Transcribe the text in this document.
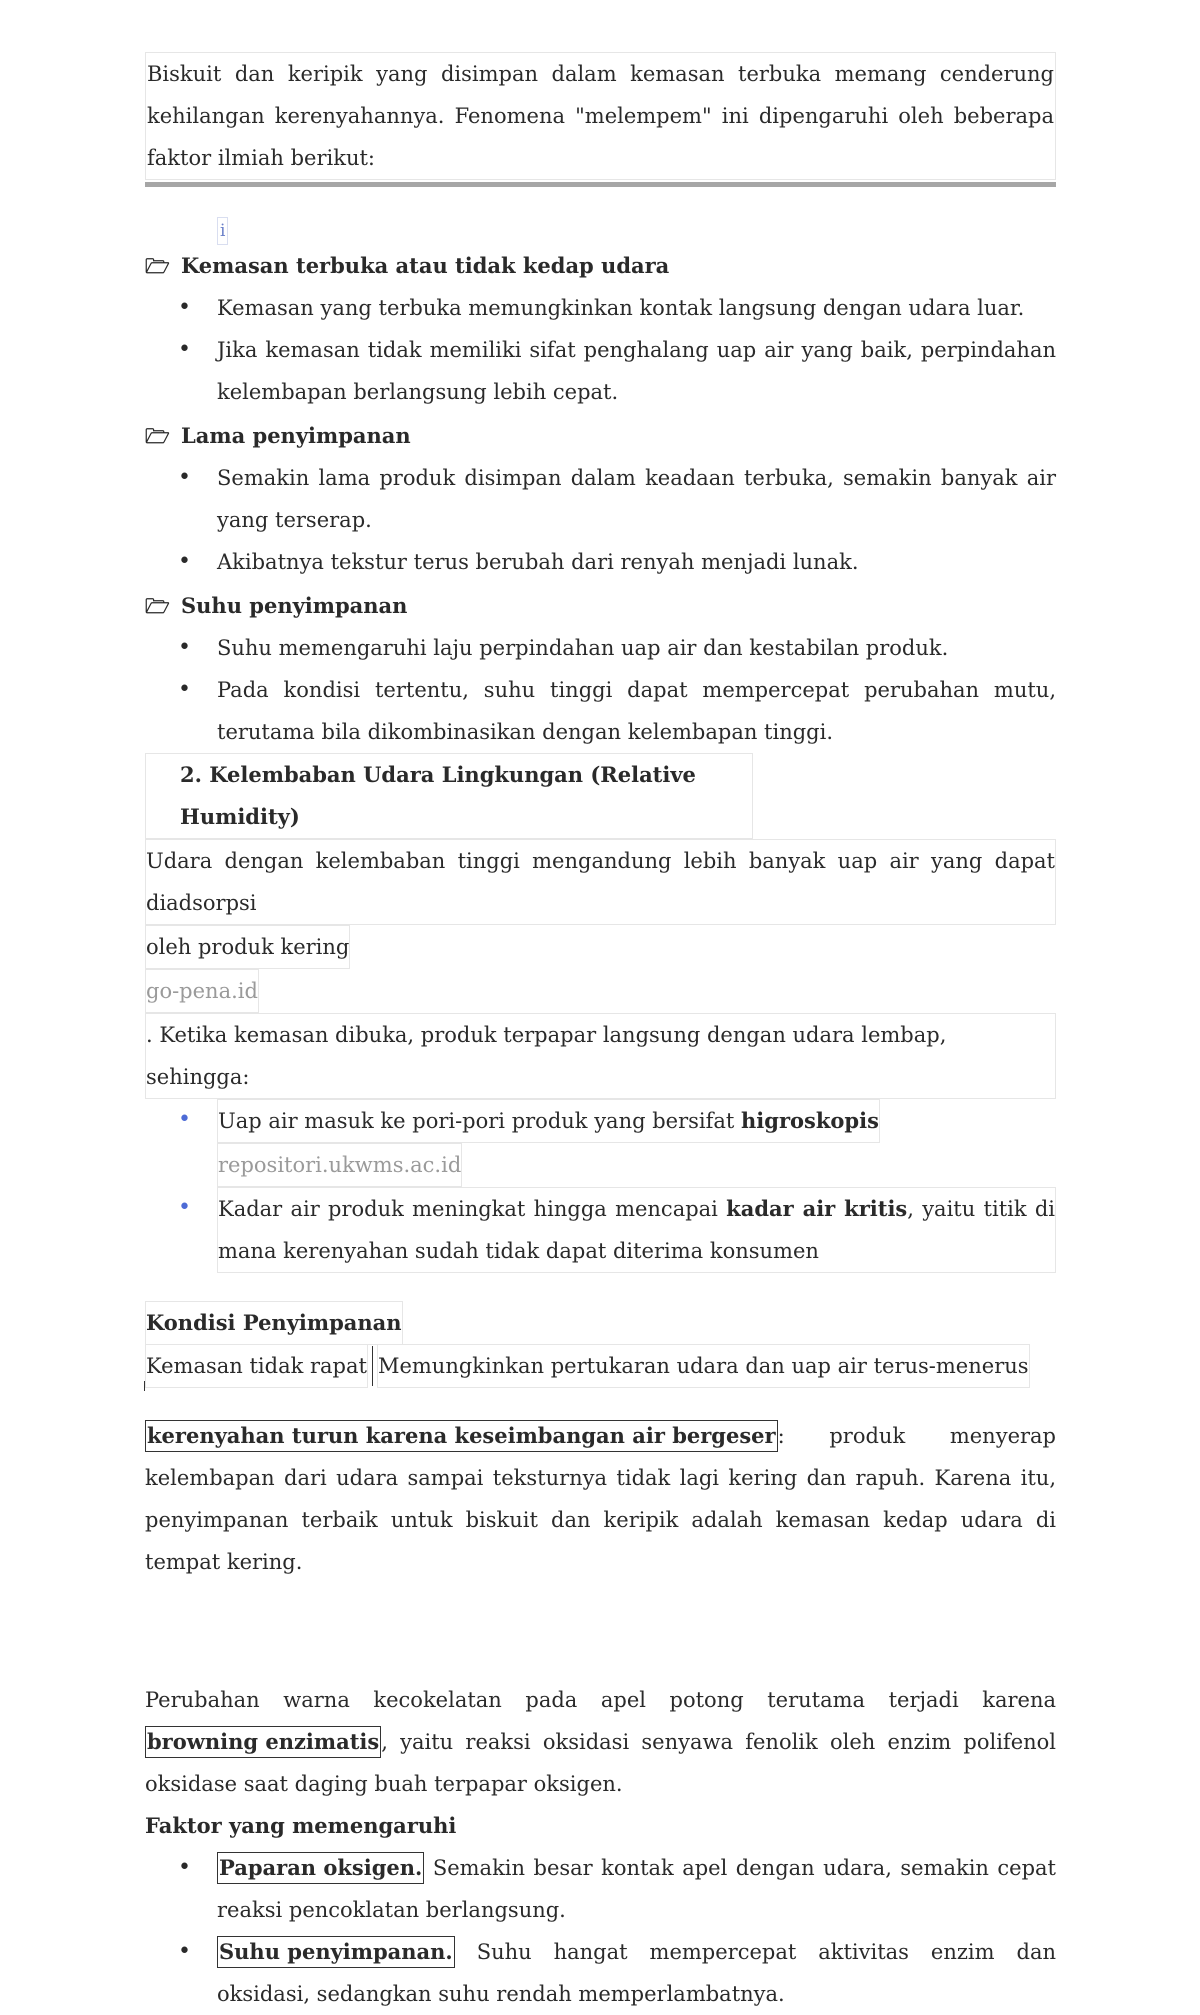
Biskuit dan keripik yang disimpan dalam kemasan terbuka memang cenderung kehilangan kerenyahannya. Fenomena "melempem" ini dipengaruhi oleh beberapa faktor ilmiah berikut:
i
🗁 Kemasan terbuka atau tidak kedap udara
• Kemasan yang terbuka memungkinkan kontak langsung dengan udara luar.
• Jika kemasan tidak memiliki sifat penghalang uap air yang baik, perpindahan kelembapan berlangsung lebih cepat.
🗁 Lama penyimpanan
• Semakin lama produk disimpan dalam keadaan terbuka, semakin banyak air yang terserap.
• Akibatnya tekstur terus berubah dari renyah menjadi lunak.
🗁 Suhu penyimpanan
• Suhu memengaruhi laju perpindahan uap air dan kestabilan produk.
• Pada kondisi tertentu, suhu tinggi dapat mempercepat perubahan mutu, terutama bila dikombinasikan dengan kelembapan tinggi.
2. Kelembaban Udara Lingkungan (Relative Humidity)
Udara dengan kelembaban tinggi mengandung lebih banyak uap air yang dapat diadsorpsi
oleh produk kering
go-pena.id
. Ketika kemasan dibuka, produk terpapar langsung dengan udara lembap, sehingga:
• Uap air masuk ke pori-pori produk yang bersifat higroskopis
repositori.ukwms.ac.id
• Kadar air produk meningkat hingga mencapai kadar air kritis, yaitu titik di mana kerenyahan sudah tidak dapat diterima konsumen
Kondisi Penyimpanan
Kemasan tidak rapat Memungkinkan pertukaran udara dan uap air terus-menerus
kerenyahan turun karena keseimbangan air bergeser: produk menyerap kelembapan dari udara sampai teksturnya tidak lagi kering dan rapuh. Karena itu, penyimpanan terbaik untuk biskuit dan keripik adalah kemasan kedap udara di tempat kering.
Perubahan warna kecokelatan pada apel potong terutama terjadi karena browning enzimatis, yaitu reaksi oksidasi senyawa fenolik oleh enzim polifenol oksidase saat daging buah terpapar oksigen.
Faktor yang memengaruhi
• Paparan oksigen. Semakin besar kontak apel dengan udara, semakin cepat reaksi pencoklatan berlangsung.
• Suhu penyimpanan. Suhu hangat mempercepat aktivitas enzim dan oksidasi, sedangkan suhu rendah memperlambatnya.
